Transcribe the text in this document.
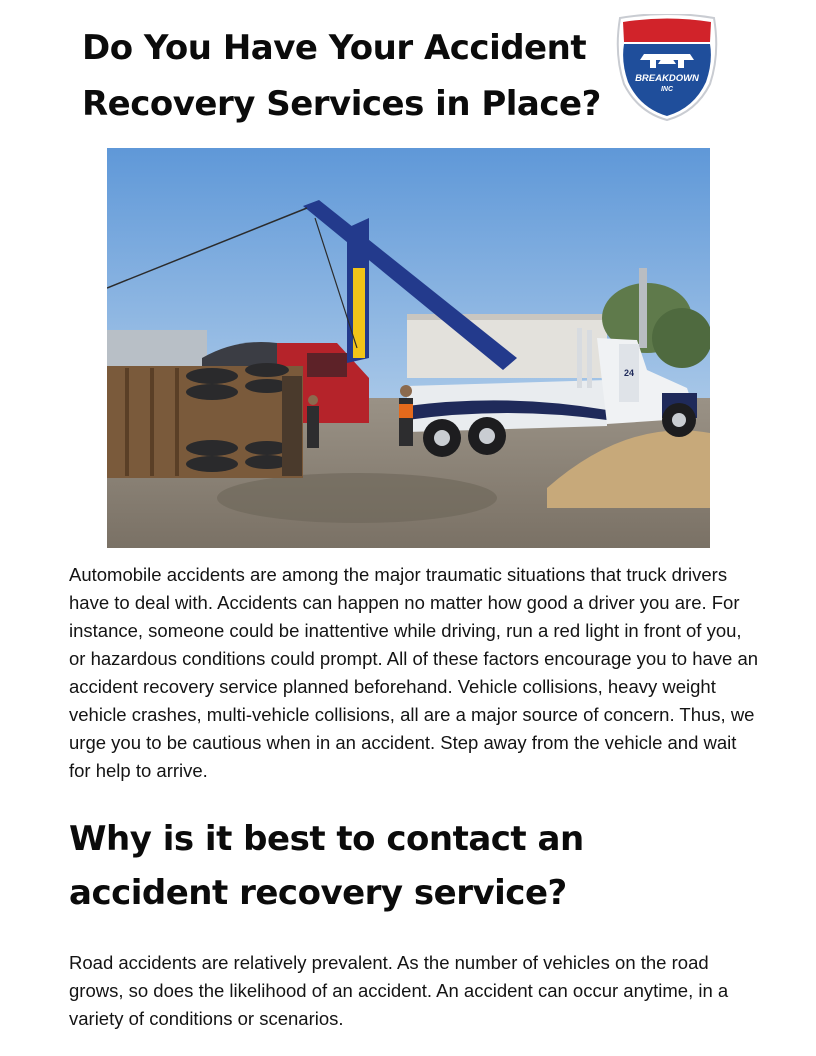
Do You Have Your Accident Recovery Services in Place?
BREAKDOWN
INC
24

Automobile accidents are among the major traumatic situations that truck drivers have to deal with. Accidents can happen no matter how good a driver you are. For instance, someone could be inattentive while driving, run a red light in front of you, or hazardous conditions could prompt. All of these factors encourage you to have an accident recovery service planned beforehand. Vehicle collisions, heavy weight vehicle crashes, multi-vehicle collisions, all are a major source of concern. Thus, we urge you to be cautious when in an accident. Step away from the vehicle and wait for help to arrive.

Why is it best to contact an accident recovery service?

Road accidents are relatively prevalent. As the number of vehicles on the road grows, so does the likelihood of an accident. An accident can occur anytime, in a variety of conditions or scenarios.
